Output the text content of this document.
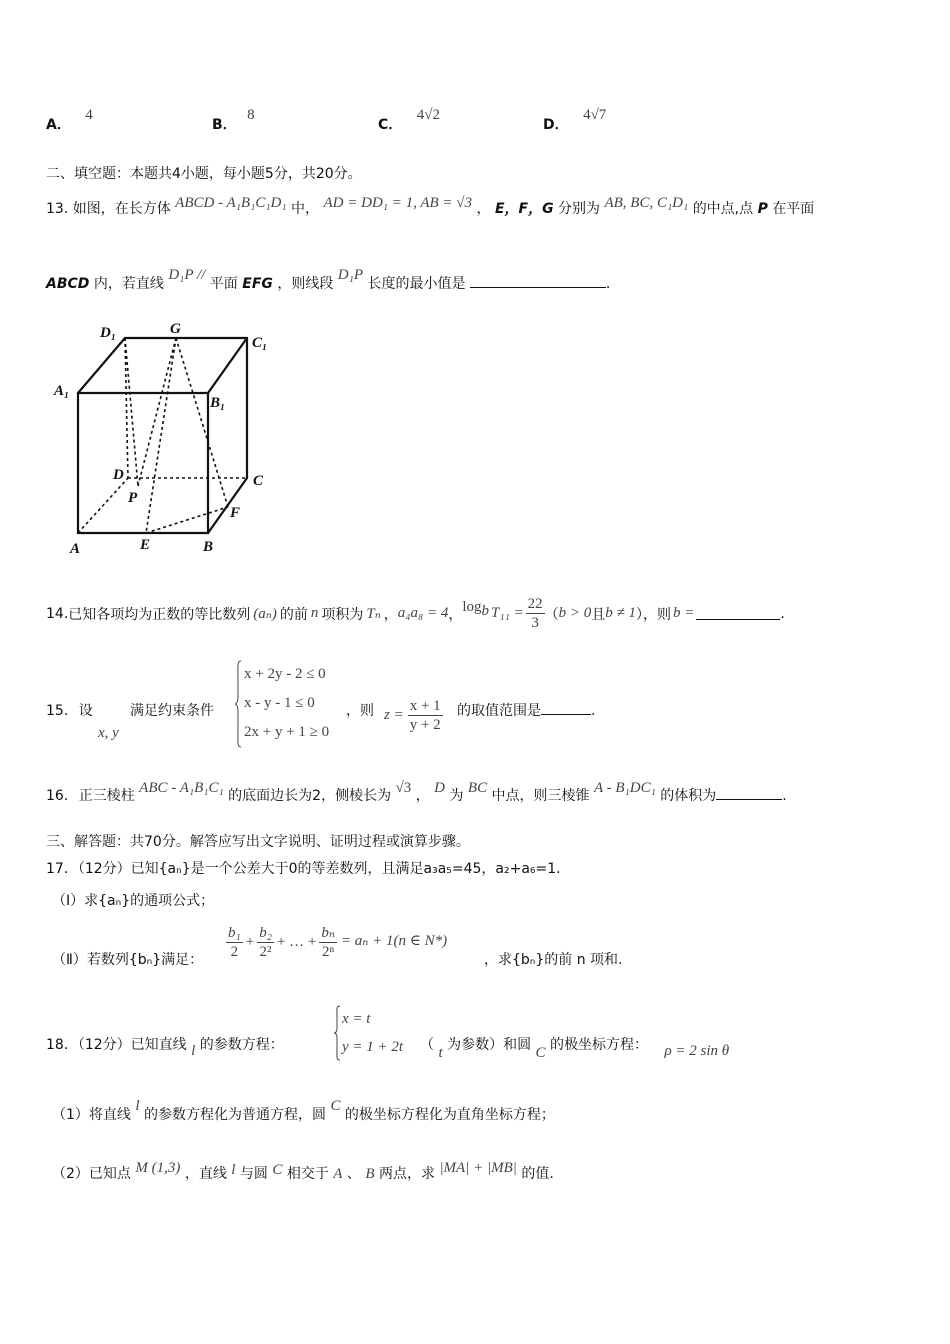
A． 4
B． 8
C． 4√2
D． 4√7
二、填空题：本题共4小题，每小题5分，共20分。
13. 如图，在长方体 ABCD - A₁B₁C₁D₁ 中， AD = DD₁ = 1, AB = √3 ， E，F，G 分别为 AB, BC, C₁D₁ 的中点,点 P 在平面
ABCD 内，若直线 D₁P // 平面 EFG ，则线段 D₁P 长度的最小值是	.
D₁	G
C₁
A₁
B₁
D	C
P
F
A	E	B
14. 已知各项均为正数的等比数列 (aₙ) 的前 n 项积为 Tₙ ， a₄a₈ = 4 ， $\log_b T_{11} = \frac{22}{3}$ （ b > 0 且 b ≠ 1 ），则 b =	.
15. 设
x, y
满足约束条件
x + 2y - 2 ≤ 0
x - y - 1 ≤ 0
2x + y + 1 ≥ 0
，则 $z = \frac{x + 1}{y + 2}$ 的取值范围是	.
16. 正三棱柱 ABC - A₁B₁C₁ 的底面边长为2，侧棱长为 √3 ， D 为 BC 中点，则三棱锥 A - B₁DC₁ 的体积为	.
三、解答题：共70分。解答应写出文字说明、证明过程或演算步骤。
17．（12分）已知{aₙ}是一个公差大于0的等差数列，且满足a₃a₅=45，a₂+a₆=1.
（I）求{aₙ}的通项公式；
（Ⅱ）若数列{bₙ}满足： $\frac{\text{b₁}}{2} + \frac{\text{b₂}}{\text{2²}}$ + … + $\frac{\text{bₙ}}{\text{2ⁿ}} = a_n + 1(n$ ∈ N*)
，求{bₙ}的前 n 项和.
18．（12分）已知直线 l 的参数方程：
x = t
y = 1 + 2t （ t 为参数）和圆 C 的极坐标方程： ρ = 2 sin θ
（1）将直线 l 的参数方程化为普通方程，圆 C 的极坐标方程化为直角坐标方程；
（2）已知点 M (1,3) ，直线 l 与圆 C 相交于 A 、 B 两点，求 |MA| + |MB| 的值.
